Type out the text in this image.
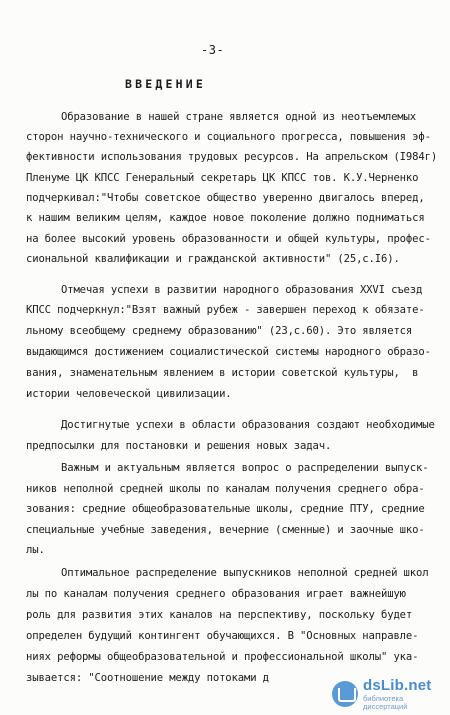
-3-
ВВЕДЕНИЕ
Образование в нашей стране является одной из неотъемлемых
сторон научно-технического и социального прогресса, повышения эф-
фективности использования трудовых ресурсов. На апрельском (I984г)
Пленуме ЦК КПСС Генеральный секретарь ЦК КПСС тов. К.У.Черненко
подчеркивал:"Чтобы советское общество уверенно двигалось вперед,
к нашим великим целям, каждое новое поколение должно подниматься
на более высокий уровень образованности и общей культуры, профес-
сиональной квалификации и гражданской активности" (25,с.I6).
Отмечая успехи в развитии народного образования XXVI съезд
КПСС подчеркнул:"Взят важный рубеж - завершен переход к обязате-
льному всеобщему среднему образованию" (23,с.60). Это является
выдающимся достижением социалистической системы народного образо-
вания, знаменательным явлением в истории советской культуры,  в
истории человеческой цивилизации.
Достигнутые успехи в области образования создают необходимые
предпосылки для постановки и решения новых задач.
Важным и актуальным является вопрос о распределении выпуск-
ников неполной средней школы по каналам получения среднего обра-
зования: средние общеобразовательные школы, средние ПТУ, средние
специальные учебные заведения, вечерние (сменные) и заочные шко-
лы.
Оптимальное распределение выпускников неполной средней школ
лы по каналам получения среднего образования играет важнейшую
роль для развития этих каналов на перспективу, поскольку будет
определен будущий контингент обучающихся. В "Основных направле-
ниях реформы общеобразовательной и профессиональной школы" ука-
зывается: "Соотношение между потоками д	dsLib.net
библиотека диссертаций
